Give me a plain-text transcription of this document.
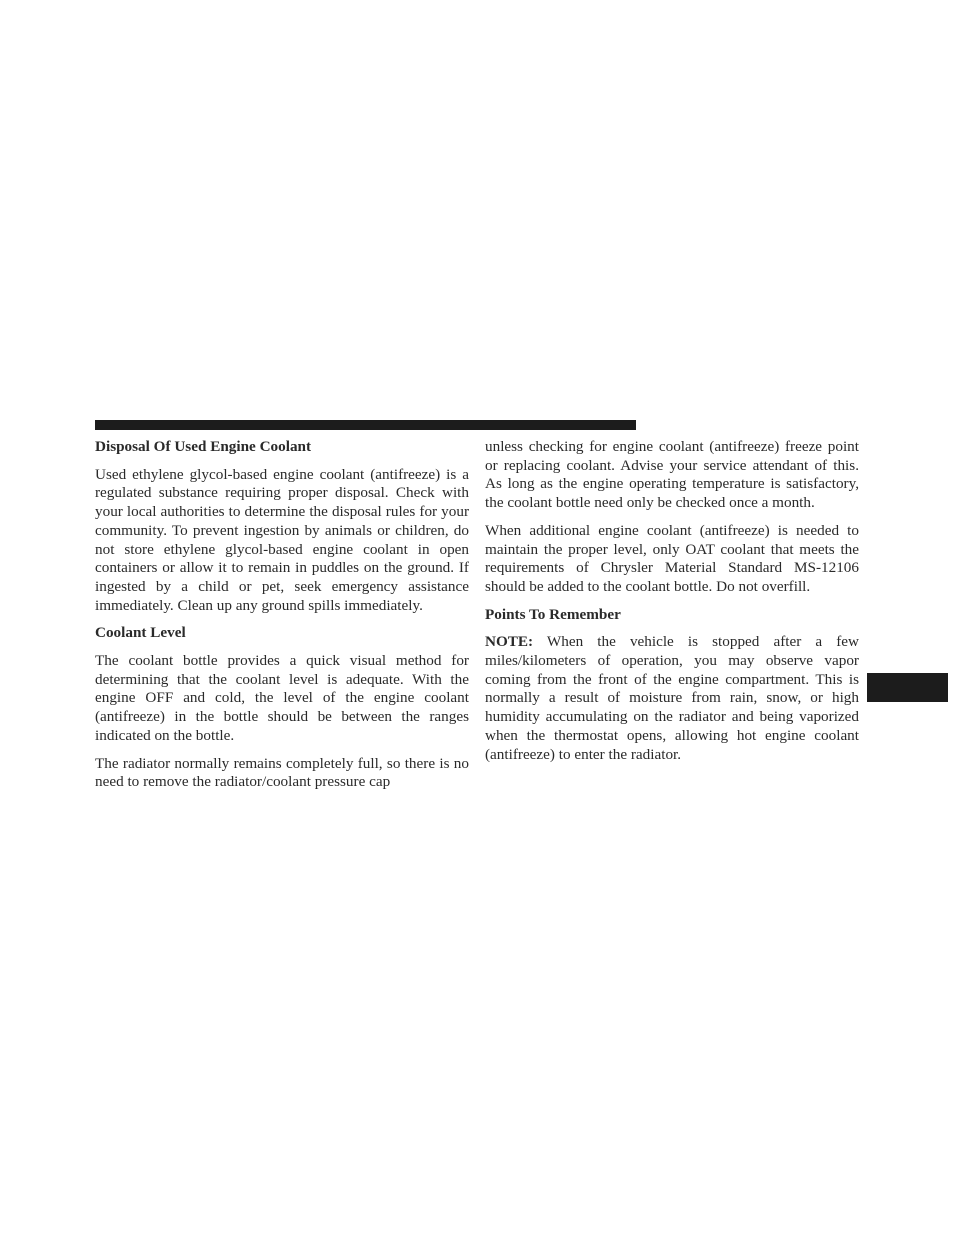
Disposal Of Used Engine Coolant

Used ethylene glycol-based engine coolant (antifreeze) is a regulated substance requiring proper disposal. Check with your local authorities to determine the disposal rules for your community. To prevent ingestion by animals or children, do not store ethylene glycol-based engine coolant in open containers or allow it to remain in puddles on the ground. If ingested by a child or pet, seek emergency assistance immediately. Clean up any ground spills immediately.

Coolant Level

The coolant bottle provides a quick visual method for determining that the coolant level is adequate. With the engine OFF and cold, the level of the engine coolant (antifreeze) in the bottle should be between the ranges indicated on the bottle.

The radiator normally remains completely full, so there is no need to remove the radiator/coolant pressure cap

unless checking for engine coolant (antifreeze) freeze point or replacing coolant. Advise your service attendant of this. As long as the engine operating temperature is satisfactory, the coolant bottle need only be checked once a month.

When additional engine coolant (antifreeze) is needed to maintain the proper level, only OAT coolant that meets the requirements of Chrysler Material Standard MS-12106 should be added to the coolant bottle. Do not overfill.

Points To Remember

NOTE: When the vehicle is stopped after a few miles/kilometers of operation, you may observe vapor coming from the front of the engine compartment. This is normally a result of moisture from rain, snow, or high humidity accumulating on the radiator and being vaporized when the thermostat opens, allowing hot engine coolant (antifreeze) to enter the radiator.
